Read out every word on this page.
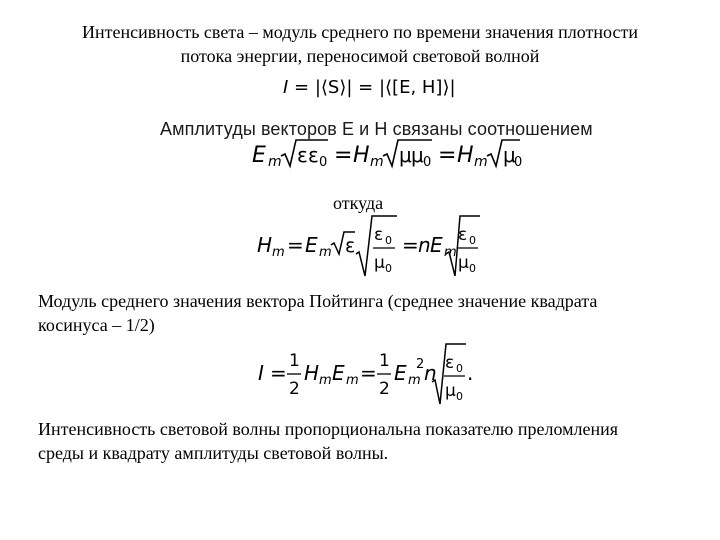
Интенсивность света – модуль среднего по времени значения плотности
потока энергии, переносимой световой волной
I = |⟨S⟩| = |⟨[E, H]⟩|
Амплитуды векторов Е и Н связаны соотношением
E m ε ε 0 = H m μ μ 0 = H m μ
0
откуда
H m = E m ε ε 0
μ 0
= n E m
ε 0
μ 0
Модуль среднего значения вектора Пойтинга (среднее значение квадрата
косинуса – 1/2)
I = 1
2
H m E m = 1
2
E m
2 n ε 0
μ 0
.
Интенсивность световой волны пропорциональна показателю преломления
среды и квадрату амплитуды световой волны.
